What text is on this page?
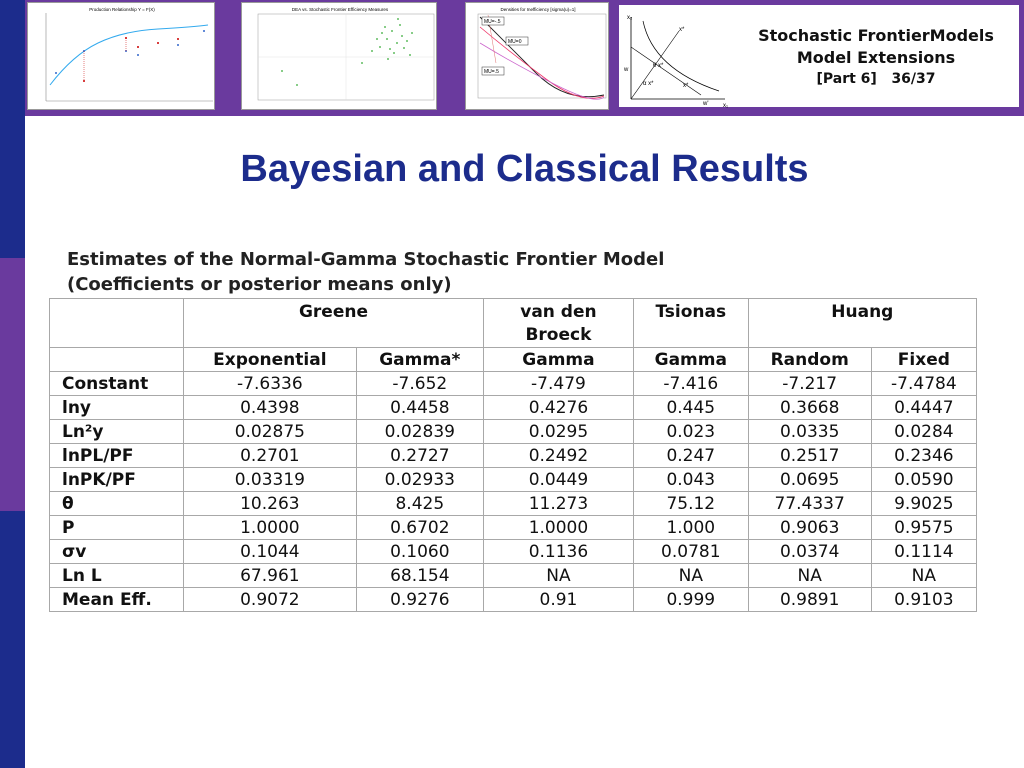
Production Relationship Y = F(X)	DEA vs. Stochastic Frontier Efficiency Measures	Densities for Inefficiency [sigma(u)=1]
MU=-.5
MU=0
MU=.5
x₂
x₁
x*
θ x*
α x*
w
w'
x*
Stochastic FrontierModels
Model Extensions
[Part 6] 36/37
Bayesian and Classical Results
Estimates of the Normal-Gamma Stochastic Frontier Model
(Coefficients or posterior means only)
	Greene		van den Broeck	Tsionas	Huang	
	Exponential	Gamma*	Gamma	Gamma	Random	Fixed
Constant	-7.6336	-7.652	-7.479	-7.416	-7.217	-7.4784
lny	0.4398	0.4458	0.4276	0.445	0.3668	0.4447
Ln²y	0.02875	0.02839	0.0295	0.023	0.0335	0.0284
lnPL/PF	0.2701	0.2727	0.2492	0.247	0.2517	0.2346
lnPK/PF	0.03319	0.02933	0.0449	0.043	0.0695	0.0590
θ	10.263	8.425	11.273	75.12	77.4337	9.9025
P	1.0000	0.6702	1.0000	1.000	0.9063	0.9575
σv	0.1044	0.1060	0.1136	0.0781	0.0374	0.1114
Ln L	67.961	68.154	NA	NA	NA	NA
Mean Eff.	0.9072	0.9276	0.91	0.999	0.9891	0.9103
